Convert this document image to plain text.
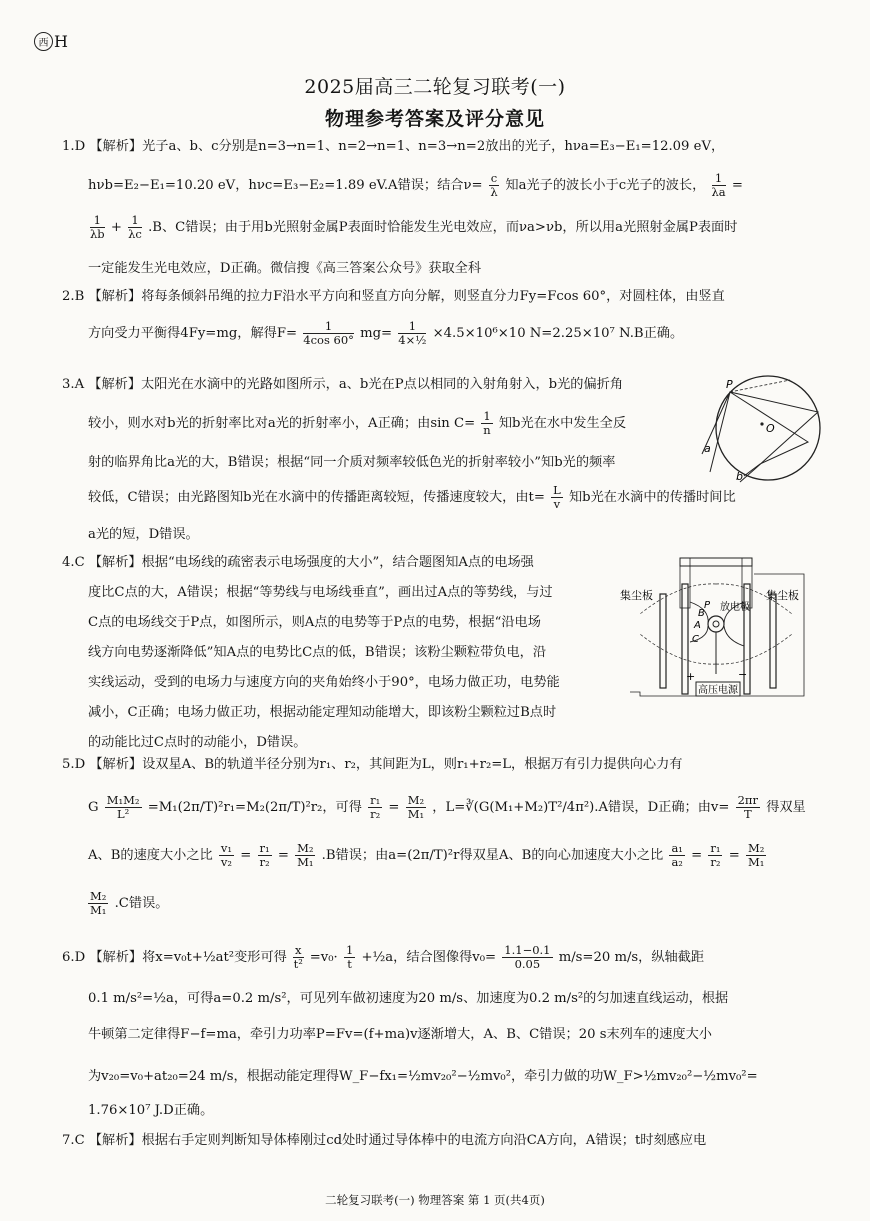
西 H
2025届高三二轮复习联考(一)
物理参考答案及评分意见
1.D 【解析】光子a、b、c分别是n=3→n=1、n=2→n=1、n=3→n=2放出的光子，hνa=E₃−E₁=12.09 eV，
hνb=E₂−E₁=10.20 eV，hνc=E₃−E₂=1.89 eV.A错误；结合$\nu= \frac{c}{\lambda}$ 知a光子的波长小于c光子的波长， $\frac{1}{\lambda a}$ =
$\frac{1}{\lambda b} + \frac{1}{\lambda c} .B$、C错误；由于用b光照射金属P表面时恰能发生光电效应，而νa>νb，所以用a光照射金属P表面时
一定能发生光电效应，D正确。微信搜《高三答案公众号》获取全科
2.B 【解析】将每条倾斜吊绳的拉力F沿水平方向和竖直方向分解，则竖直分力Fy=Fcos 60°，对圆柱体，由竖直
方向受力平衡得4Fy=mg，解得$F= \frac{1}{4\cos 60^\circ} mg= \frac{1}{\text{4×½}} \times 4.5\times 10^6\times 10$ N=2.25×10⁷ N.B正确。
3.A 【解析】太阳光在水滴中的光路如图所示，a、b光在P点以相同的入射角射入，b光的偏折角
较小，则水对b光的折射率比对a光的折射率小，A正确；由$\sin C= \frac{1}{n}$ 知b光在水中发生全反
射的临界角比a光的大，B错误；根据“同一介质对频率较低色光的折射率较小”知b光的频率
较低，C错误；由光路图知b光在水滴中的传播距离较短，传播速度较大，由$t= \frac{L}{v}$ 知b光在水滴中的传播时间比
a光的短，D错误。
P
O
a
b
4.C 【解析】根据“电场线的疏密表示电场强度的大小”，结合题图知A点的电场强
度比C点的大，A错误；根据“等势线与电场线垂直”，画出过A点的等势线，与过
C点的电场线交于P点，如图所示，则A点的电势等于P点的电势，根据“沿电场
线方向电势逐渐降低”知A点的电势比C点的低，B错误；该粉尘颗粒带负电，沿
实线运动，受到的电场力与速度方向的夹角始终小于90°，电场力做正功，电势能
减小，C正确；电场力做正功，根据动能定理知动能增大，即该粉尘颗粒过B点时
的动能比过C点时的动能小，D错误。
高压电源
+	−
集尘板	集尘板
放电极
B
A
C
P
5.D 【解析】设双星A、B的轨道半径分别为r₁、r₂，其间距为L，则r₁+r₂=L，根据万有引力提供向心力有
G $\frac{\text{M₁M₂}}{\text{L²}} =M_1(2\pi/T)^2r_1=M_2(2\pi/T)^2r_2$，可得 $\frac{\text{r₁}}{\text{r₂}} = \frac{\text{M₂}}{\text{M₁}}$ ，L=∛(G(M₁+M₂)T²/4π²).A错误，D正确；由$v= \frac{2\pi r}{T}$ 得双星
A、B的速度大小之比 $\frac{\text{v₁}}{\text{v₂}} = \frac{\text{r₁}}{\text{r₂}} = \frac{\text{M₂}}{\text{M₁}} .B$错误；由a=(2π/T)²r得双星A、B的向心加速度大小之比 $\frac{\text{a₁}}{\text{a₂}} = \frac{\text{r₁}}{\text{r₂}} = \frac{\text{M₂}}{\text{M₁}}$
$\frac{\text{M₂}}{\text{M₁}} .C$错误。
6.D 【解析】将x=v₀t+½at²变形可得 $\frac{x}{\text{t²}} =v_0\cdot \frac{1}{t}$ +½a，结合图像得$v_0= \frac{1.1-0.1}{0.05} m/s=20$ m/s，纵轴截距
0.1 m/s²=½a，可得a=0.2 m/s²，可见列车做初速度为20 m/s、加速度为0.2 m/s²的匀加速直线运动，根据
牛顿第二定律得F−f=ma，牵引力功率P=Fv=(f+ma)v逐渐增大，A、B、C错误；20 s末列车的速度大小
为v₂₀=v₀+at₂₀=24 m/s，根据动能定理得W_F−fx₁=½mv₂₀²−½mv₀²，牵引力做的功W_F>½mv₂₀²−½mv₀²=
1.76×10⁷ J.D正确。
7.C 【解析】根据右手定则判断知导体棒刚过cd处时通过导体棒中的电流方向沿CA方向，A错误；t时刻感应电
二轮复习联考(一) 物理答案 第 1 页(共4页)
